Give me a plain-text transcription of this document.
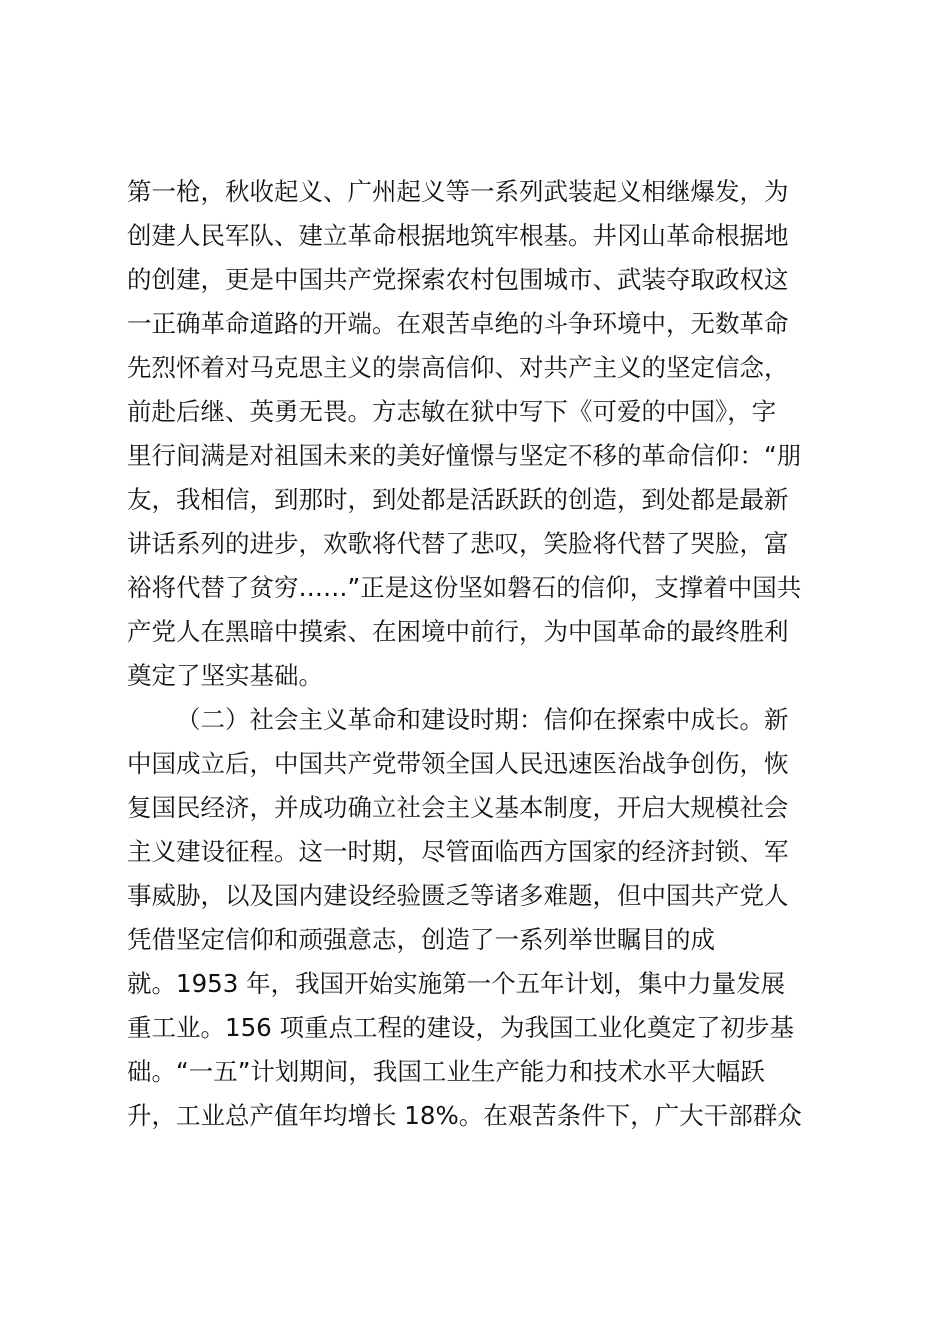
第一枪，秋收起义、广州起义等一系列武装起义相继爆发，为
创建人民军队、建立革命根据地筑牢根基。井冈山革命根据地
的创建，更是中国共产党探索农村包围城市、武装夺取政权这
一正确革命道路的开端。在艰苦卓绝的斗争环境中，无数革命
先烈怀着对马克思主义的崇高信仰、对共产主义的坚定信念，
前赴后继、英勇无畏。方志敏在狱中写下《可爱的中国》，字
里行间满是对祖国未来的美好憧憬与坚定不移的革命信仰：“朋
友，我相信，到那时，到处都是活跃跃的创造，到处都是最新
讲话系列的进步，欢歌将代替了悲叹，笑脸将代替了哭脸，富
裕将代替了贫穷……”正是这份坚如磐石的信仰，支撑着中国共
产党人在黑暗中摸索、在困境中前行，为中国革命的最终胜利
奠定了坚实基础。
（二）社会主义革命和建设时期：信仰在探索中成长。新
中国成立后，中国共产党带领全国人民迅速医治战争创伤，恢
复国民经济，并成功确立社会主义基本制度，开启大规模社会
主义建设征程。这一时期，尽管面临西方国家的经济封锁、军
事威胁，以及国内建设经验匮乏等诸多难题，但中国共产党人
凭借坚定信仰和顽强意志，创造了一系列举世瞩目的成
就。1953 年，我国开始实施第一个五年计划，集中力量发展
重工业。156 项重点工程的建设，为我国工业化奠定了初步基
础。“一五”计划期间，我国工业生产能力和技术水平大幅跃
升，工业总产值年均增长 18%。在艰苦条件下，广大干部群众
